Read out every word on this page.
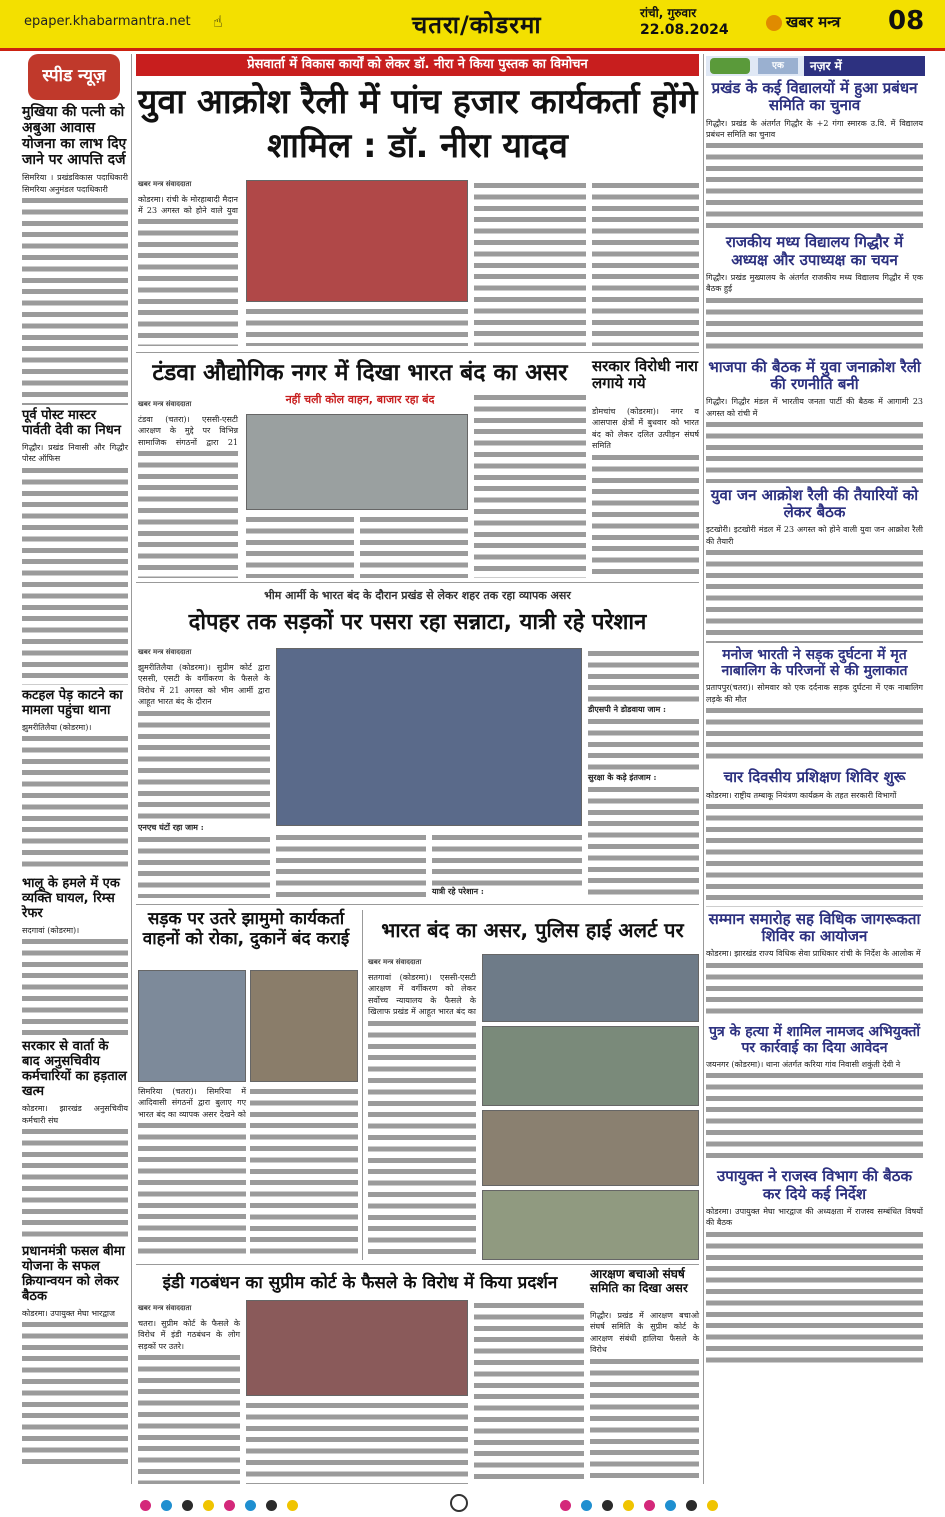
epaper.khabarmantra.net ☝	चतरा/कोडरमा	रांची, गुरुवार
22.08.2024	खबर मन्त्र 08
स्पीड न्यूज़
मुखिया की पत्नी को अबुआ आवास योजना का लाभ दिए जाने पर आपत्ति दर्ज
सिमरिया । प्रखंडविकास पदाधिकारी सिमरिया अनुमंडल पदाधिकारी
पूर्व पोस्ट मास्टर पार्वती देवी का निधन
गिद्धौर। प्रखंड निवासी और गिद्धौर पोस्ट ऑफिस
कटहल पेड़ काटने का मामला पहुंचा थाना
झुमरीतिलैया (कोडरमा)।
भालू के हमले में एक व्यक्ति घायल, रिम्स रेफर
सदगावां (कोडरमा)।
सरकार से वार्ता के बाद अनुसचिवीय कर्मचारियों का हड़ताल खत्म
कोडरमा। झारखंड अनुसचिवीय कर्मचारी संघ
प्रधानमंत्री फसल बीमा योजना के सफल क्रियान्वयन को लेकर बैठक
कोडरमा। उपायुक्त मेघा भारद्वाज
प्रेसवार्ता में विकास कार्यों को लेकर डॉ. नीरा ने किया पुस्तक का विमोचन
युवा आक्रोश रैली में पांच हजार कार्यकर्ता होंगे शामिल : डॉ. नीरा यादव
खबर मन्त्र संवाददाता
कोडरमा। रांची के मोरहाबादी मैदान में 23 अगस्त को होने वाले युवा
टंडवा औद्योगिक नगर में दिखा भारत बंद का असर
नहीं चली कोल वाहन, बाजार रहा बंद
खबर मन्त्र संवाददाता
टंडवा (चतरा)। एससी-एसटी आरक्षण के मुद्दे पर विभिन्न सामाजिक संगठनों द्वारा 21
सरकार विरोधी नारा लगाये गये
डोमचांच (कोडरमा)। नगर व आसपास क्षेत्रों में बुधवार को भारत बंद को लेकर दलित उत्पीड़न संघर्ष समिति
भीम आर्मी के भारत बंद के दौरान प्रखंड से लेकर शहर तक रहा व्यापक असर
दोपहर तक सड़कों पर पसरा रहा सन्नाटा, यात्री रहे परेशान
खबर मन्त्र संवाददाता
झुमरीतिलैया (कोडरमा)। सुप्रीम कोर्ट द्वारा एससी, एसटी के वर्गीकरण के फैसले के विरोध में 21 अगस्त को भीम आर्मी द्वारा आहूत भारत बंद के दौरान
एनएच घंटों रहा जाम :
यात्री रहे परेशान :
डीएसपी ने डोडवाया जाम :
सुरक्षा के कड़े इंतजाम :
सड़क पर उतरे झामुमो कार्यकर्ता वाहनों को रोका, दुकानें बंद कराई
सिमरिया (चतरा)। सिमरिया में आदिवासी संगठनों द्वारा बुलाए गए भारत बंद का व्यापक असर देखने को
भारत बंद का असर, पुलिस हाई अलर्ट पर
खबर मन्त्र संवाददाता
सतगावां (कोडरमा)। एससी-एसटी आरक्षण में वर्गीकरण को लेकर सर्वोच्च न्यायालय के फैसले के खिलाफ प्रखंड में आहूत भारत बंद का
इंडी गठबंधन का सुप्रीम कोर्ट के फैसले के विरोध में किया प्रदर्शन
खबर मन्त्र संवाददाता
चतरा। सुप्रीम कोर्ट के फैसले के विरोध में इंडी गठबंधन के लोग सड़कों पर उतरे।
आरक्षण बचाओ संघर्ष समिति का दिखा असर
गिद्धौर। प्रखंड में आरक्षण बचाओ संघर्ष समिति के सुप्रीम कोर्ट के आरक्षण संबंधी हालिया फैसले के विरोध
एक	नज़र में
प्रखंड के कई विद्यालयों में हुआ प्रबंधन समिति का चुनाव
गिद्धौर। प्रखंड के अंतर्गत गिद्धौर के +2 गंगा स्मारक उ.वि. में विद्यालय प्रबंधन समिति का चुनाव
राजकीय मध्य विद्यालय गिद्धौर में अध्यक्ष और उपाध्यक्ष का चयन
गिद्धौर। प्रखंड मुख्यालय के अंतर्गत राजकीय मध्य विद्यालय गिद्धौर में एक बैठक हुई
भाजपा की बैठक में युवा जनाक्रोश रैली की रणनीति बनी
गिद्धौर। गिद्धौर मंडल में भारतीय जनता पार्टी की बैठक में आगामी 23 अगस्त को रांची में
युवा जन आक्रोश रैली की तैयारियों को लेकर बैठक
इटखोरी। इटखोरी मंडल में 23 अगस्त को होने वाली युवा जन आक्रोश रैली की तैयारी
मनोज भारती ने सड़क दुर्घटना में मृत नाबालिग के परिजनों से की मुलाकात
प्रतापपुर(चतरा)। सोमवार को एक दर्दनाक सड़क दुर्घटना में एक नाबालिग लड़के की मौत
चार दिवसीय प्रशिक्षण शिविर शुरू
कोडरमा। राष्ट्रीय तम्बाकू नियंत्रण कार्यक्रम के तहत सरकारी विभागों
सम्मान समारोह सह विधिक जागरूकता शिविर का आयोजन
कोडरमा। झारखंड राज्य विधिक सेवा प्राधिकार रांची के निर्देश के आलोक में
पुत्र के हत्या में शामिल नामजद अभियुक्तों पर कार्रवाई का दिया आवेदन
जयनगर (कोडरमा)। थाना अंतर्गत करिया गांव निवासी शकुंती देवी ने
उपायुक्त ने राजस्व विभाग की बैठक कर दिये कई निर्देश
कोडरमा। उपायुक्त मेघा भारद्वाज की अध्यक्षता में राजस्व सम्बंधित विषयों की बैठक
